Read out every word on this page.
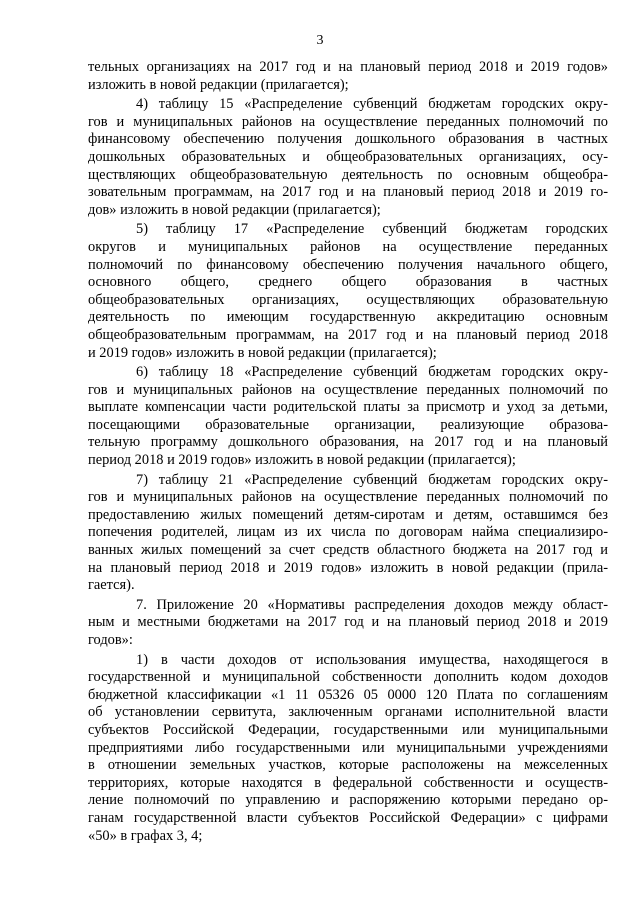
3
тельных организациях на 2017 год и на плановый период 2018 и 2019 годов»
изложить в новой редакции (прилагается);
4) таблицу 15 «Распределение субвенций бюджетам городских окру-
гов и муниципальных районов на осуществление переданных полномочий по
финансовому обеспечению получения дошкольного образования в частных
дошкольных образовательных и общеобразовательных организациях, осу-
ществляющих общеобразовательную деятельность по основным общеобра-
зовательным программам, на 2017 год и на плановый период 2018 и 2019 го-
дов» изложить в новой редакции (прилагается);
5) таблицу 17 «Распределение субвенций бюджетам городских
округов и муниципальных районов на осуществление переданных
полномочий по финансовому обеспечению получения начального общего,
основного общего, среднего общего образования в частных
общеобразовательных организациях, осуществляющих образовательную
деятельность по имеющим государственную аккредитацию основным
общеобразовательным программам, на 2017 год и на плановый период 2018
и 2019 годов» изложить в новой редакции (прилагается);
6) таблицу 18 «Распределение субвенций бюджетам городских окру-
гов и муниципальных районов на осуществление переданных полномочий по
выплате компенсации части родительской платы за присмотр и уход за детьми,
посещающими образовательные организации, реализующие образова-
тельную программу дошкольного образования, на 2017 год и на плановый
период 2018 и 2019 годов» изложить в новой редакции (прилагается);
7) таблицу 21 «Распределение субвенций бюджетам городских окру-
гов и муниципальных районов на осуществление переданных полномочий по
предоставлению жилых помещений детям-сиротам и детям, оставшимся без
попечения родителей, лицам из их числа по договорам найма специализиро-
ванных жилых помещений за счет средств областного бюджета на 2017 год и
на плановый период 2018 и 2019 годов» изложить в новой редакции (прила-
гается).
7. Приложение 20 «Нормативы распределения доходов между област-
ным и местными бюджетами на 2017 год и на плановый период 2018 и 2019
годов»:
1) в части доходов от использования имущества, находящегося в
государственной и муниципальной собственности дополнить кодом доходов
бюджетной классификации «1 11 05326 05 0000 120 Плата по соглашениям
об установлении сервитута, заключенным органами исполнительной власти
субъектов Российской Федерации, государственными или муниципальными
предприятиями либо государственными или муниципальными учреждениями
в отношении земельных участков, которые расположены на межселенных
территориях, которые находятся в федеральной собственности и осуществ-
ление полномочий по управлению и распоряжению которыми передано ор-
ганам государственной власти субъектов Российской Федерации» с цифрами
«50» в графах 3, 4;
